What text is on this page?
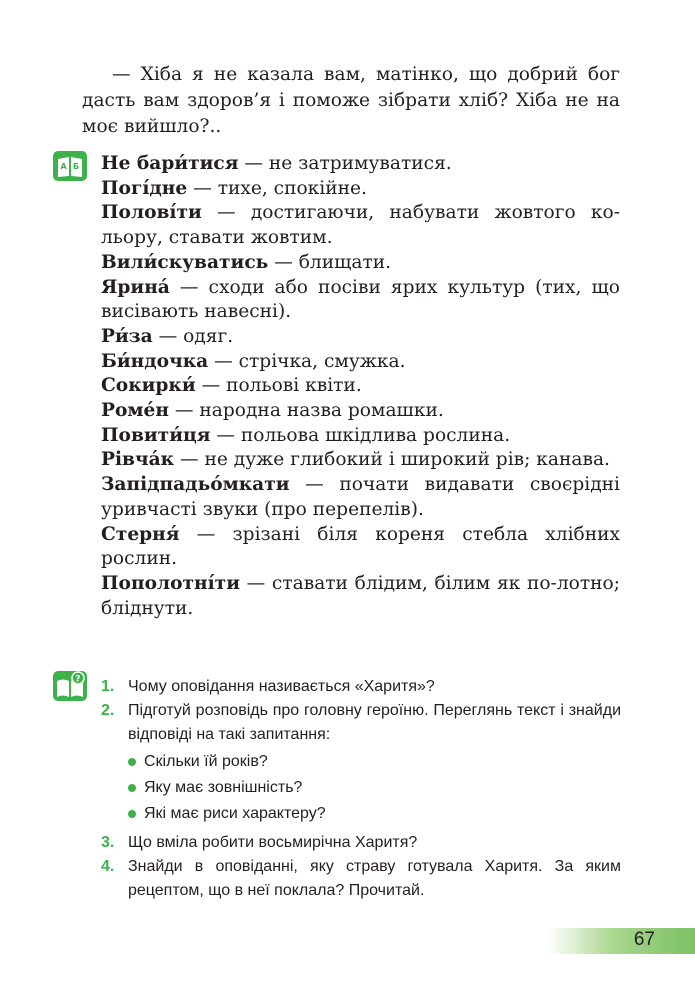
— Хіба я не казала вам, матінко, що добрий бог дасть вам здоров’я і поможе зібрати хліб? Хіба не на моє вийшло?..

А Б Не бари́тися — не затримуватися.

Погі́дне — тихе, спокійне.

Полові́ти — достигаючи, набувати жовтого ко-льору, ставати жовтим.

Вили́скуватись — блищати.

Ярина́ — сходи або посіви ярих культур (тих, що висівають навесні).

Ри́за — одяг.

Би́ндочка — стрічка, смужка.

Сокирки́ — польові квіти.

Роме́н — народна назва ромашки.

Повити́ця — польова шкідлива рослина.

Рівча́к — не дуже глибокий і широкий рів; канава.

Запідпадьо́мкати — почати видавати своєрідні уривчасті звуки (про перепелів).

Стерня́ — зрізані біля кореня стебла хлібних рослин.

Пополотні́ти — ставати блідим, білим як по-лотно; бліднути.

? 1. Чому оповідання називається «Харитя»?
2. Підготуй розповідь про головну героїню. Переглянь текст і знайди відповіді на такі запитання:
Скільки їй років?
Яку має зовнішність?
Які має риси характеру?
3. Що вміла робити восьмирічна Харитя?
4. Знайди в оповіданні, яку страву готувала Харитя. За яким рецептом, що в неї поклала? Прочитай.
67
